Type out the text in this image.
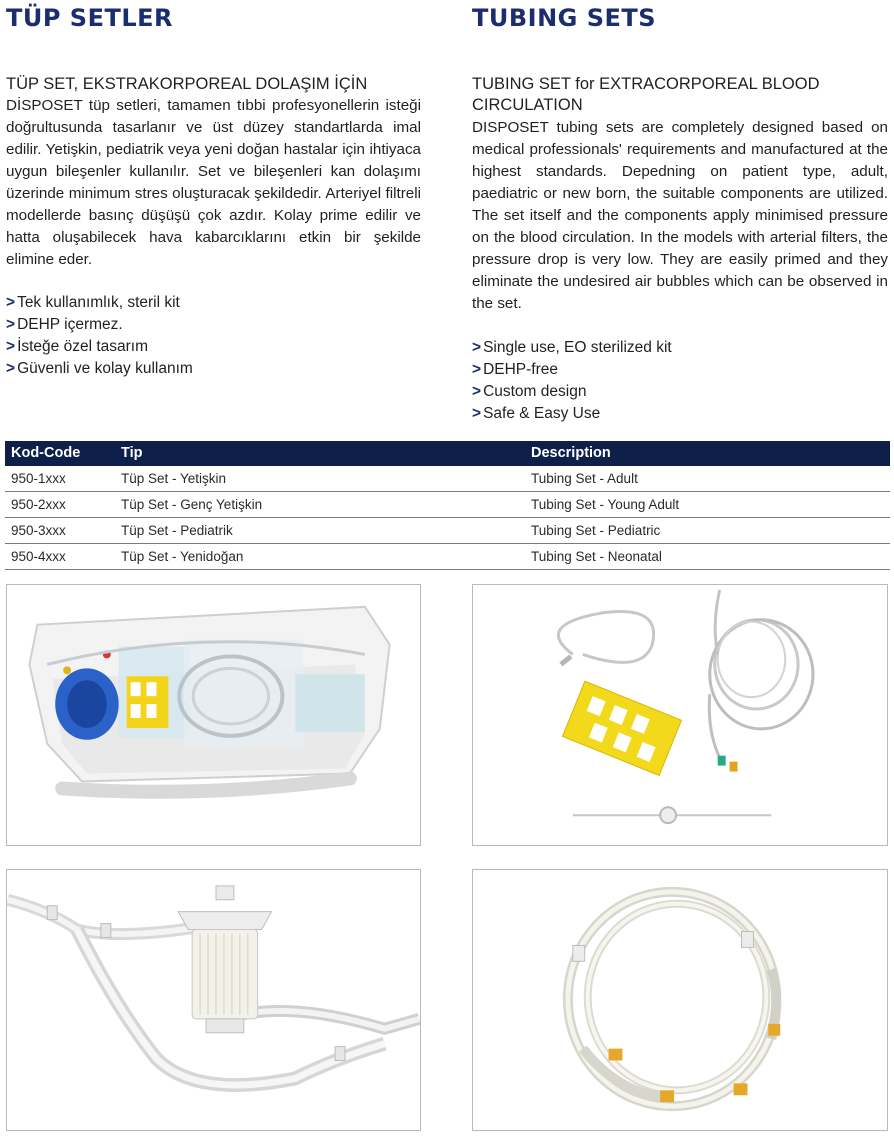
TÜP SETLER
TÜP SET, EKSTRAKORPOREAL DOLAŞIM İÇİN

DİSPOSET tüp setleri, tamamen tıbbi profesyonellerin isteği doğrultusunda tasarlanır ve üst düzey standartlarda imal edilir. Yetişkin, pediatrik veya yeni doğan hastalar için ihtiyaca uygun bileşenler kullanılır. Set ve bileşenleri kan dolaşımı üzerinde minimum stres oluşturacak şekildedir. Arteriyel filtreli modellerde basınç düşüşü çok azdır. Kolay prime edilir ve hatta oluşabilecek hava kabarcıklarını etkin bir şekilde elimine eder.

> Tek kullanımlık, steril kit
> DEHP içermez.
> İsteğe özel tasarım
> Güvenli ve kolay kullanım
TUBING SETS
TUBING SET for EXTRACORPOREAL BLOOD CIRCULATION

DISPOSET tubing sets are completely designed based on medical professionals' requirements and manufactured at the highest standards. Depedning on patient type, adult, paediatric or new born, the suitable components are utilized. The set itself and the components apply minimised pressure on the blood circulation. In the models with arterial filters, the pressure drop is very low. They are easily primed and they eliminate the undesired air bubbles which can be observed in the set.

> Single use, EO sterilized kit
> DEHP-free
> Custom design
> Safe & Easy Use
Kod-Code	Tip	Description
950-1xxx	Tüp Set - Yetişkin	Tubing Set - Adult
950-2xxx	Tüp Set - Genç Yetişkin	Tubing Set - Young Adult
950-3xxx	Tüp Set - Pediatrik	Tubing Set - Pediatric
950-4xxx	Tüp Set - Yenidoğan	Tubing Set - Neonatal
